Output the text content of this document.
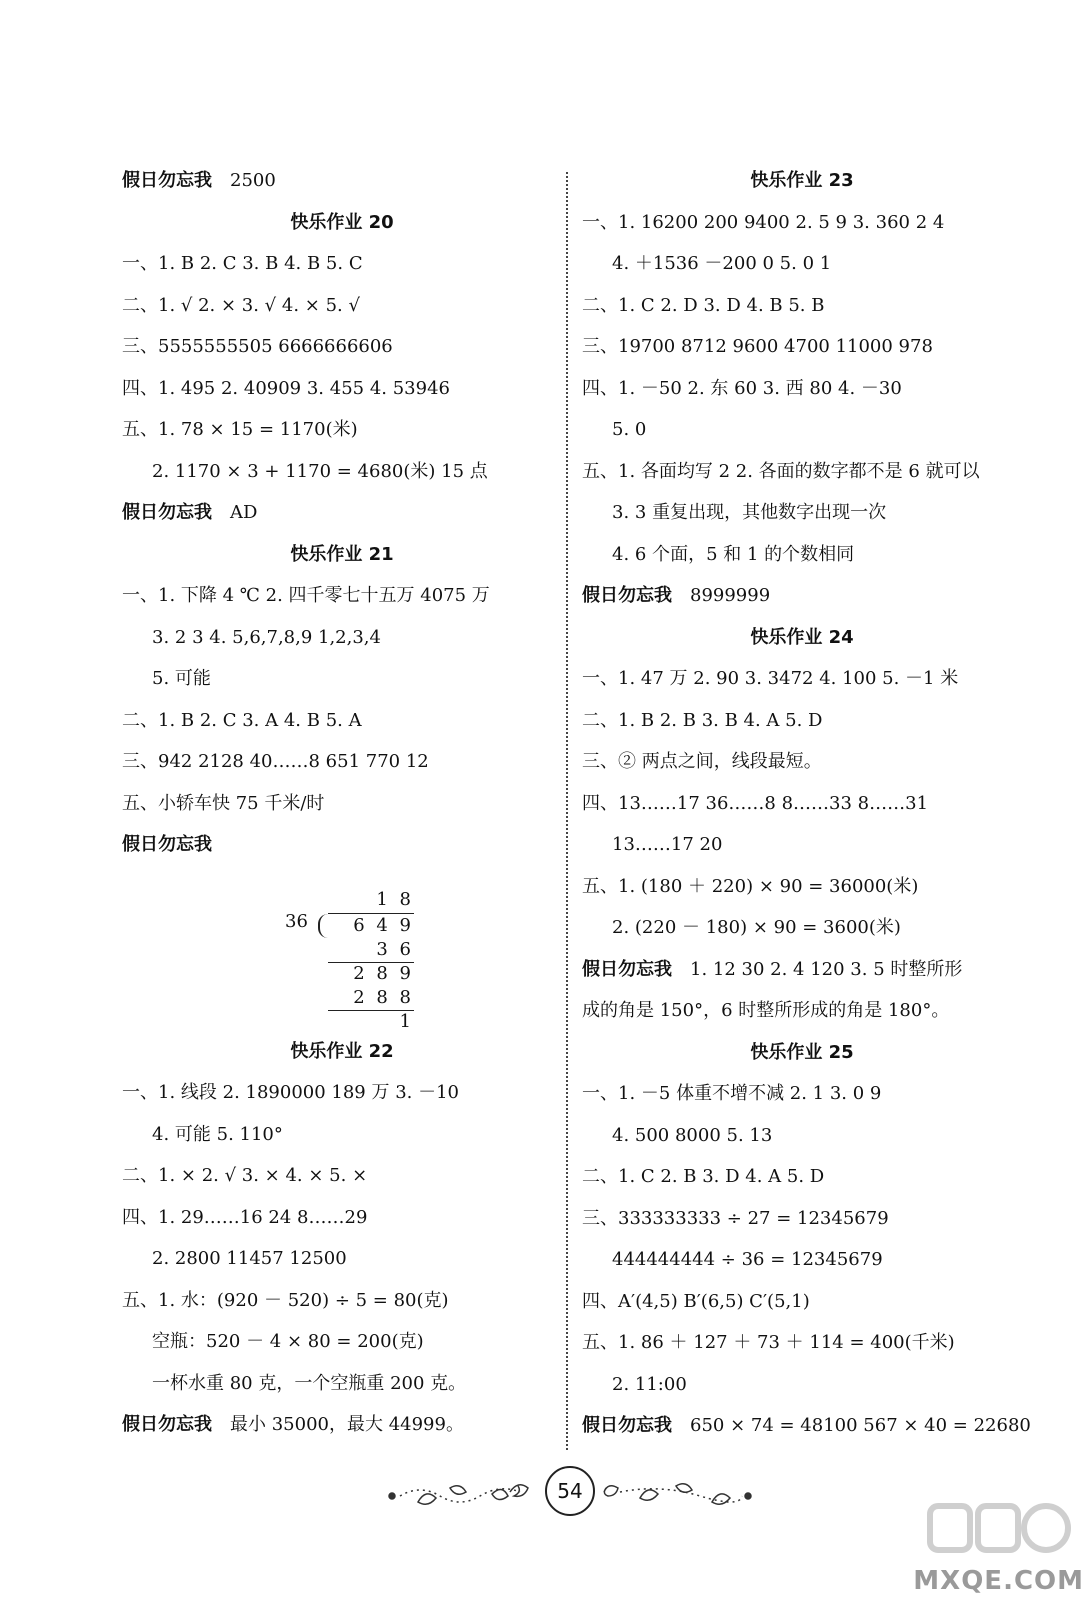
假日勿忘我 2500
快乐作业 20
一、1. B 2. C 3. B 4. B 5. C
二、1. √ 2. × 3. √ 4. × 5. √
三、5555555505 6666666606
四、1. 495 2. 40909 3. 455 4. 53946
五、1. 78 × 15 = 1170(米)
2. 1170 × 3 + 1170 = 4680(米) 15 点
假日勿忘我 AD
快乐作业 21
一、1. 下降 4 ℃ 2. 四千零七十五万 4075 万
3. 2 3 4. 5,6,7,8,9 1,2,3,4
5. 可能
二、1. B 2. C 3. A 4. B 5. A
三、942 2128 40……8 651 770 12
五、小轿车快 75 千米/时
假日勿忘我
1 8
36	6 4 9
3 6
2 8 9
2 8 8
1
快乐作业 22
一、1. 线段 2. 1890000 189 万 3. －10
4. 可能 5. 110°
二、1. × 2. √ 3. × 4. × 5. ×
四、1. 29……16 24 8……29
2. 2800 11457 12500
五、1. 水：(920 － 520) ÷ 5 = 80(克)
空瓶：520 － 4 × 80 = 200(克)
一杯水重 80 克，一个空瓶重 200 克。
假日勿忘我 最小 35000，最大 44999。
快乐作业 23
一、1. 16200 200 9400 2. 5 9 3. 360 2 4
4. ＋1536 －200 0 5. 0 1
二、1. C 2. D 3. D 4. B 5. B
三、19700 8712 9600 4700 11000 978
四、1. －50 2. 东 60 3. 西 80 4. －30
5. 0
五、1. 各面均写 2 2. 各面的数字都不是 6 就可以
3. 3 重复出现，其他数字出现一次
4. 6 个面，5 和 1 的个数相同
假日勿忘我 8999999
快乐作业 24
一、1. 47 万 2. 90 3. 3472 4. 100 5. －1 米
二、1. B 2. B 3. B 4. A 5. D
三、② 两点之间，线段最短。
四、13……17 36……8 8……33 8……31
13……17 20
五、1. (180 ＋ 220) × 90 = 36000(米)
2. (220 － 180) × 90 = 3600(米)
假日勿忘我 1. 12 30 2. 4 120 3. 5 时整所形
成的角是 150°，6 时整所形成的角是 180°。
快乐作业 25
一、1. －5 体重不增不减 2. 1 3. 0 9
4. 500 8000 5. 13
二、1. C 2. B 3. D 4. A 5. D
三、333333333 ÷ 27 = 12345679
444444444 ÷ 36 = 12345679
四、A′(4,5) B′(6,5) C′(5,1)
五、1. 86 ＋ 127 ＋ 73 ＋ 114 = 400(千米)
2. 11:00
假日勿忘我 650 × 74 = 48100 567 × 40 = 22680
54
MXQE.COM
